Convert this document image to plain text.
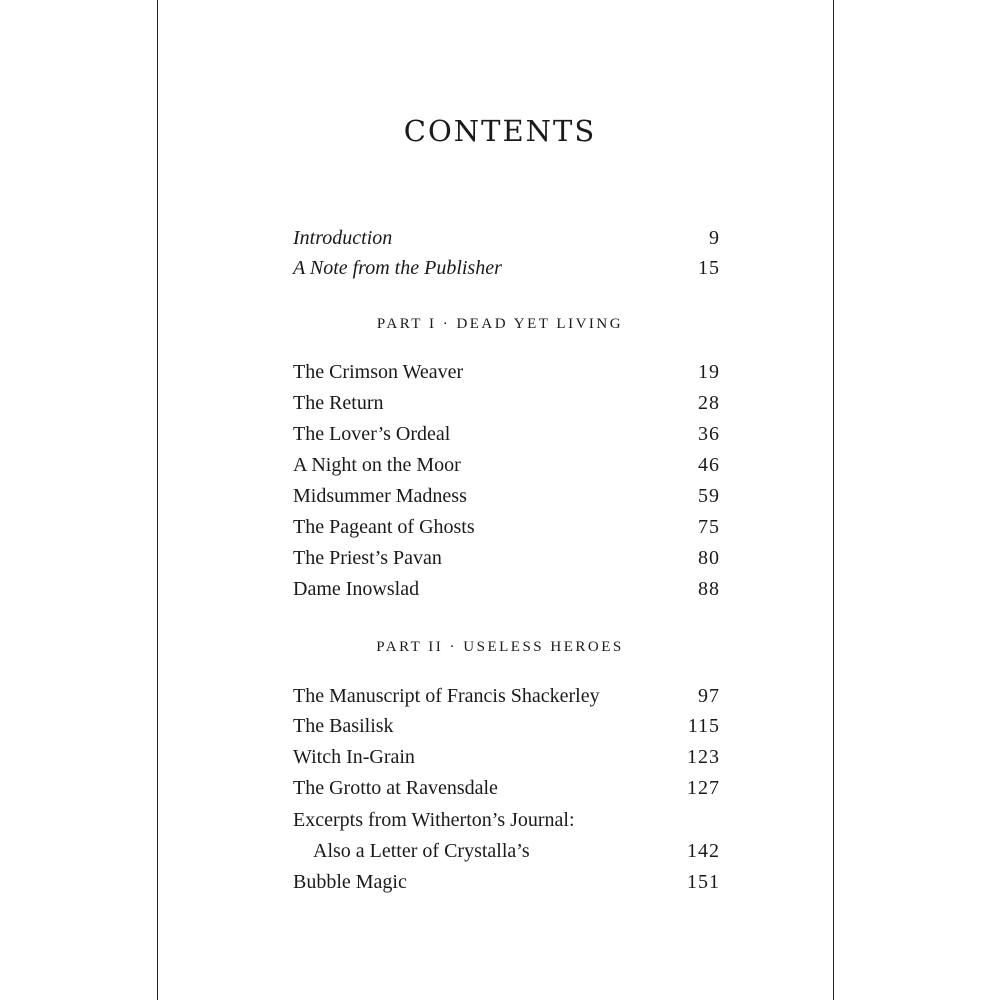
CONTENTS
Introduction	9
A Note from the Publisher	15
The Crimson Weaver	19
The Return	28
The Lover’s Ordeal	36
A Night on the Moor	46
Midsummer Madness	59
The Pageant of Ghosts	75
The Priest’s Pavan	80
Dame Inowslad	88
The Manuscript of Francis Shackerley	97
The Basilisk	115
Witch In-Grain	123
The Grotto at Ravensdale	127
Excerpts from Witherton’s Journal:
Also a Letter of Crystalla’s	142
Bubble Magic	151
PART I · DEAD YET LIVING
PART II · USELESS HEROES
